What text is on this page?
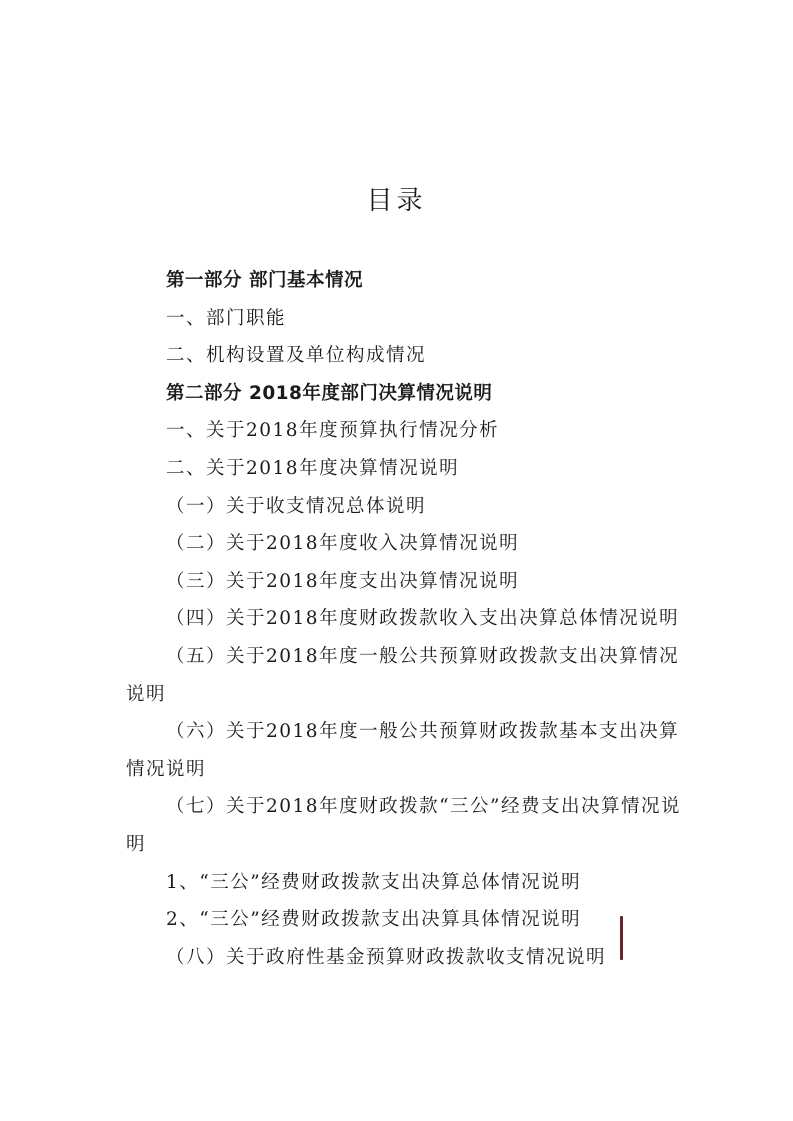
目录
第一部分 部门基本情况
一、部门职能
二、机构设置及单位构成情况
第二部分 2018年度部门决算情况说明
一、关于2018年度预算执行情况分析
二、关于2018年度决算情况说明
（一）关于收支情况总体说明
（二）关于2018年度收入决算情况说明
（三）关于2018年度支出决算情况说明
（四）关于2018年度财政拨款收入支出决算总体情况说明
（五）关于2018年度一般公共预算财政拨款支出决算情况
说明
（六）关于2018年度一般公共预算财政拨款基本支出决算
情况说明
（七）关于2018年度财政拨款“三公”经费支出决算情况说
明
1、“三公”经费财政拨款支出决算总体情况说明
2、“三公”经费财政拨款支出决算具体情况说明
（八）关于政府性基金预算财政拨款收支情况说明
